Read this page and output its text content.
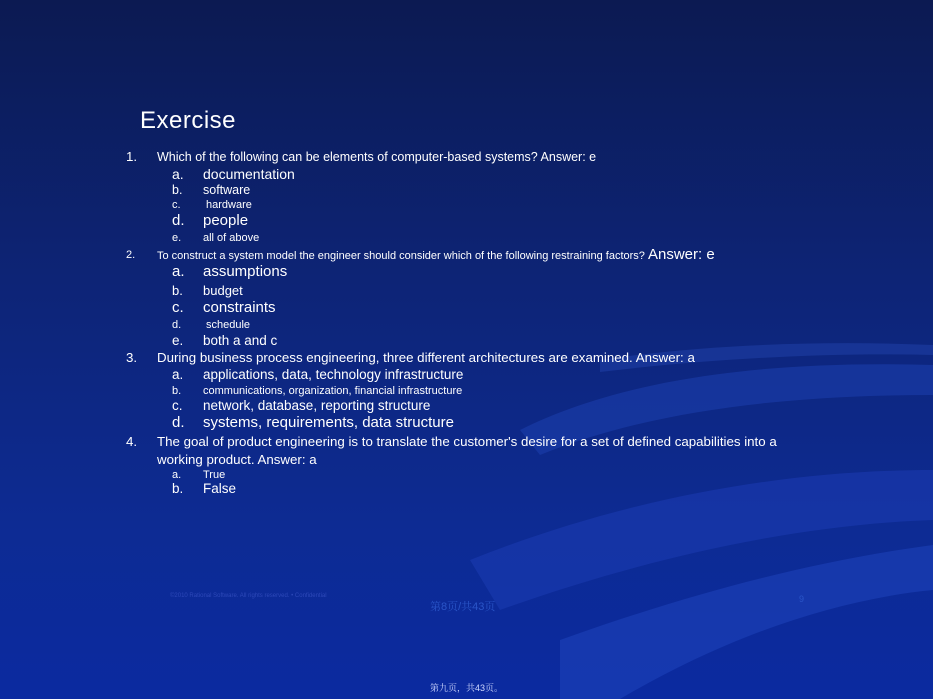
Exercise
1. Which of the following can be elements of computer-based systems? Answer: e
a. documentation
b. software
c. hardware
d. people
e. all of above
2. To construct a system model the engineer should consider which of the following restraining factors? Answer: e
a. assumptions
b. budget
c. constraints
d. schedule
e. both a and c
3. During business process engineering, three different architectures are examined. Answer: a
a. applications, data, technology infrastructure
b. communications, organization, financial infrastructure
c. network, database, reporting structure
d. systems, requirements, data structure
4. The goal of product engineering is to translate the customer's desire for a set of defined capabilities into a working product. Answer: a
a. True
b. False
©2010 Rational Software. All rights reserved. • Confidential
第8页/共43页
9
第九页，共43页。
